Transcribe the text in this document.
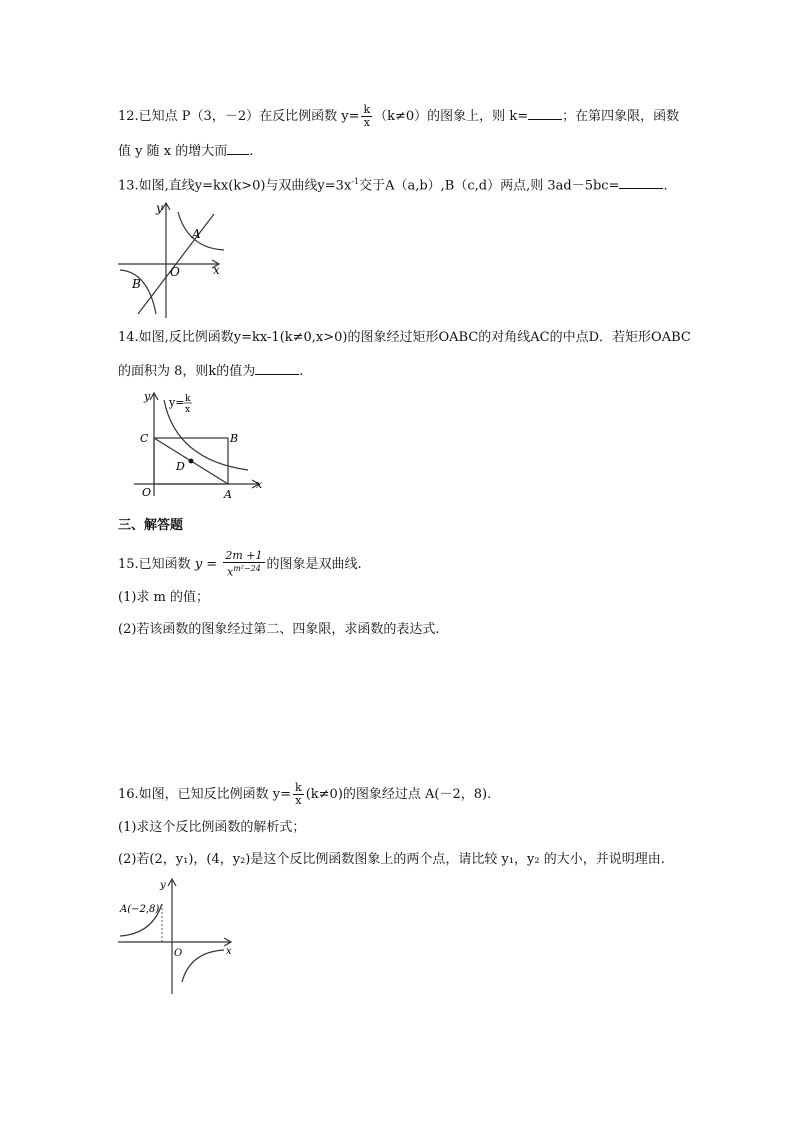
12.已知点 P（3，－2）在反比例函数 $y= \frac{k}{x} (k\ne 0)$的图象上，则 k=	；在第四象限，函数
值 y 随 x 的增大而 .
13.如图,直线y=kx(k>0)与双曲线$y=3x^{-1}$交于A（a,b）,B（c,d）两点,则 3ad－5bc=	.
y
x
O
A
B
14.如图,反比例函数y=kx-1(k≠0,x>0)的图象经过矩形OABC的对角线AC的中点D．若矩形OABC
的面积为 8，则k的值为	.
y y= k
x
x
O	A
B
C
D
三、解答题
15.已知函数 $y = \frac{2m +1}{x^{m^2-24}}$ 的图象是双曲线.
(1)求 m 的值；
(2)若该函数的图象经过第二、四象限，求函数的表达式.
16.如图，已知反比例函数 $y= \frac{k}{x} (k\ne 0)$的图象经过点 A(－2，8).
(1)求这个反比例函数的解析式；
(2)若(2，y₁)，(4，y₂)是这个反比例函数图象上的两个点，请比较 y₁，y₂ 的大小，并说明理由.
y
x
O
A(−2,8)
